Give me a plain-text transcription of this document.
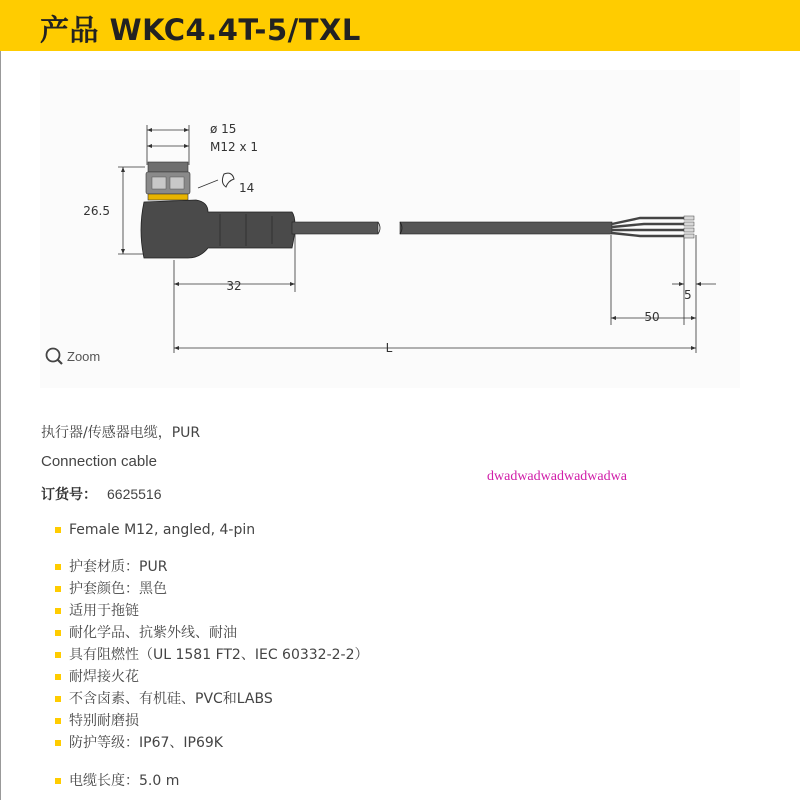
产品 WKC4.4T-5/TXL
ø 15
M12 x 1
14
26.5
32
5
50
L
Zoom
执行器/传感器电缆，PUR
Connection cable
订货号： 6625516
dwadwadwadwadwadwa
Female M12, angled, 4-pin
护套材质：PUR
护套颜色：黑色
适用于拖链
耐化学品、抗紫外线、耐油
具有阻燃性（UL 1581 FT2、IEC 60332-2-2）
耐焊接火花
不含卤素、有机硅、PVC和LABS
特别耐磨损
防护等级：IP67、IP69K
电缆长度：5.0 m
